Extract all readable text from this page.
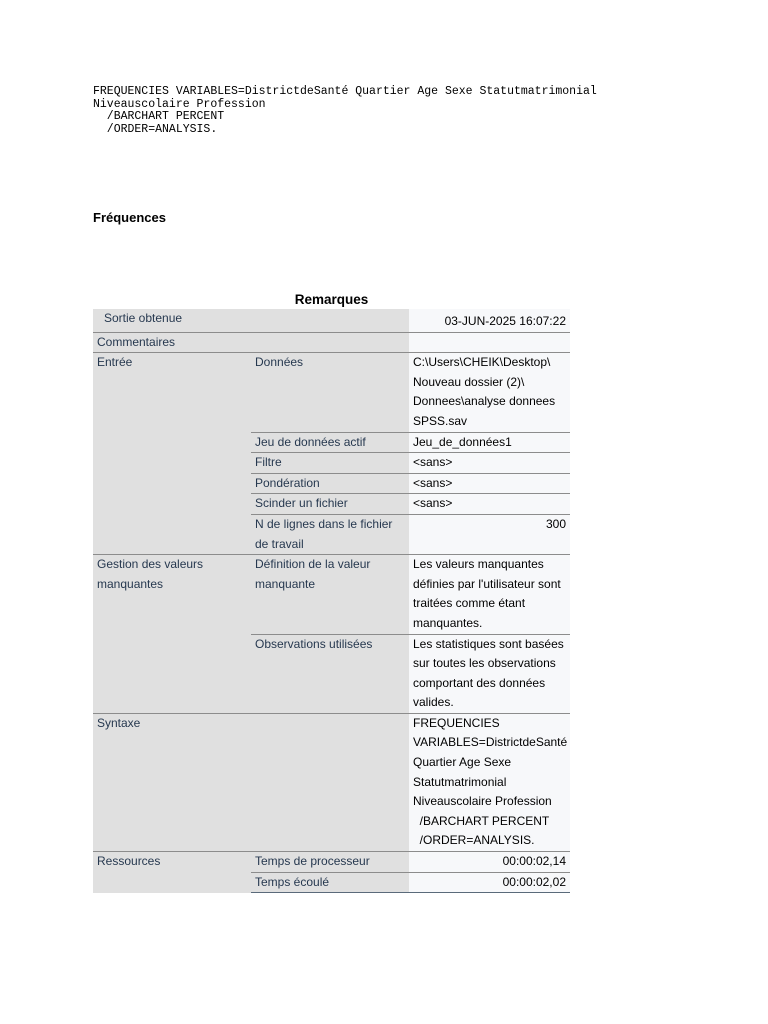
FREQUENCIES VARIABLES=DistrictdeSanté Quartier Age Sexe Statutmatrimonial
Niveauscolaire Profession
/BARCHART PERCENT
/ORDER=ANALYSIS.
Fréquences
Remarques
Sortie obtenue		03-JUN-2025 16:07:22
Commentaires		
Entrée	Données	C:\Users\CHEIK\Desktop\ Nouveau dossier (2)\ Donnees\analyse donnees SPSS.sav
	Jeu de données actif	Jeu_de_données1
	Filtre	<sans>
	Pondération	<sans>
	Scinder un fichier	<sans>
	N de lignes dans le fichier de travail	300
Gestion des valeurs manquantes	Définition de la valeur manquante	Les valeurs manquantes définies par l'utilisateur sont traitées comme étant manquantes.
	Observations utilisées	Les statistiques sont basées sur toutes les observations comportant des données valides.
Syntaxe		FREQUENCIES VARIABLES=DistrictdeSanté Quartier Age Sexe Statutmatrimonial Niveauscolaire Profession
/BARCHART PERCENT
/ORDER=ANALYSIS.
Ressources	Temps de processeur	00:00:02,14
	Temps écoulé	00:00:02,02
